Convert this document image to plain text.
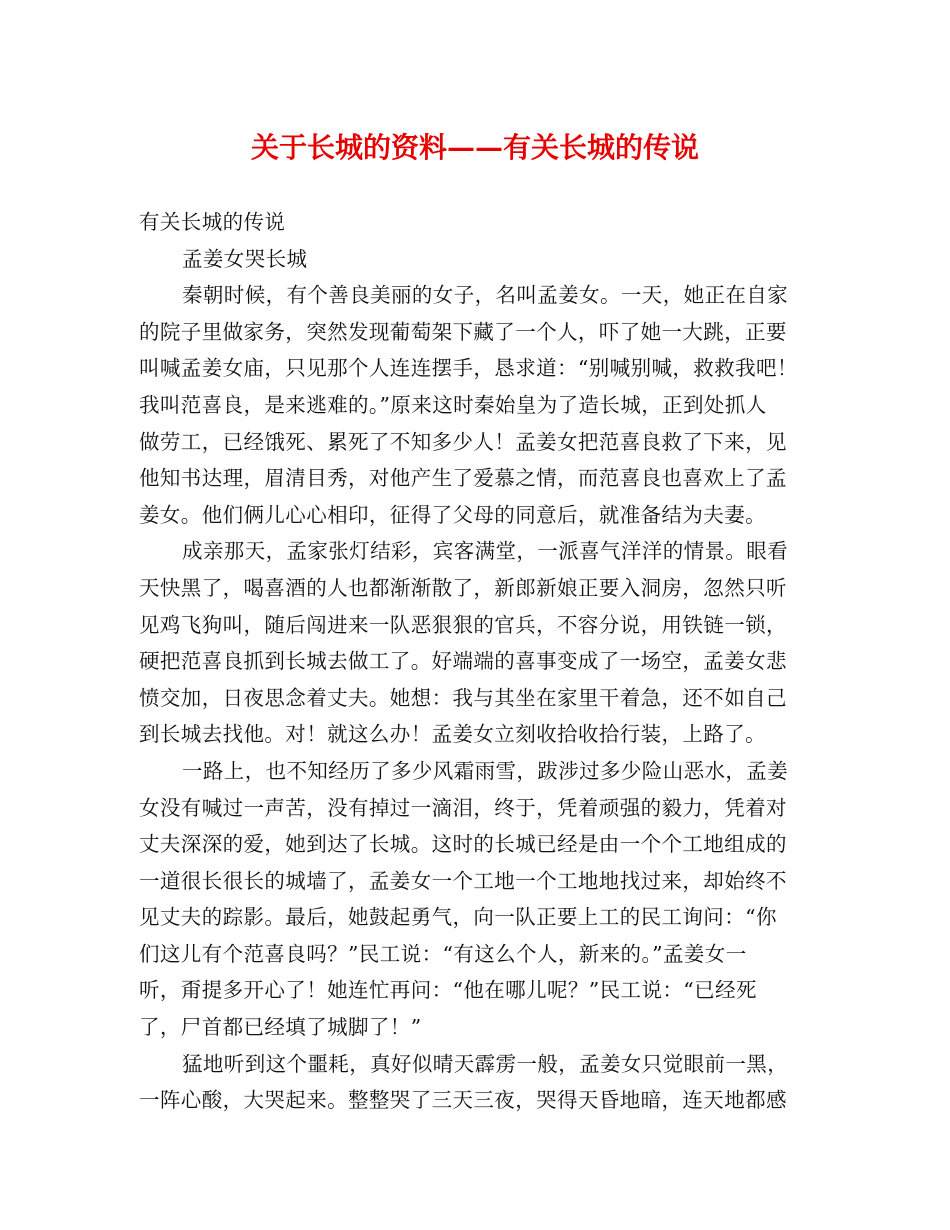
关于长城的资料——有关长城的传说
有关长城的传说
孟姜女哭长城
秦朝时候，有个善良美丽的女子，名叫孟姜女。一天，她正在自家
的院子里做家务，突然发现葡萄架下藏了一个人，吓了她一大跳，正要
叫喊孟姜女庙，只见那个人连连摆手，恳求道：“别喊别喊，救救我吧！
我叫范喜良，是来逃难的。”原来这时秦始皇为了造长城，正到处抓人
做劳工，已经饿死、累死了不知多少人！孟姜女把范喜良救了下来，见
他知书达理，眉清目秀，对他产生了爱慕之情，而范喜良也喜欢上了孟
姜女。他们俩儿心心相印，征得了父母的同意后，就准备结为夫妻。
成亲那天，孟家张灯结彩，宾客满堂，一派喜气洋洋的情景。眼看
天快黑了，喝喜酒的人也都渐渐散了，新郎新娘正要入洞房，忽然只听
见鸡飞狗叫，随后闯进来一队恶狠狠的官兵，不容分说，用铁链一锁，
硬把范喜良抓到长城去做工了。好端端的喜事变成了一场空，孟姜女悲
愤交加，日夜思念着丈夫。她想：我与其坐在家里干着急，还不如自己
到长城去找他。对！就这么办！孟姜女立刻收拾收拾行装，上路了。
一路上，也不知经历了多少风霜雨雪，跋涉过多少险山恶水，孟姜
女没有喊过一声苦，没有掉过一滴泪，终于，凭着顽强的毅力，凭着对
丈夫深深的爱，她到达了长城。这时的长城已经是由一个个工地组成的
一道很长很长的城墙了，孟姜女一个工地一个工地地找过来，却始终不
见丈夫的踪影。最后，她鼓起勇气，向一队正要上工的民工询问：“你
们这儿有个范喜良吗？”民工说：“有这么个人，新来的。”孟姜女一
听，甭提多开心了！她连忙再问：“他在哪儿呢？”民工说：“已经死
了，尸首都已经填了城脚了！”
猛地听到这个噩耗，真好似晴天霹雳一般，孟姜女只觉眼前一黑，
一阵心酸，大哭起来。整整哭了三天三夜，哭得天昏地暗，连天地都感
